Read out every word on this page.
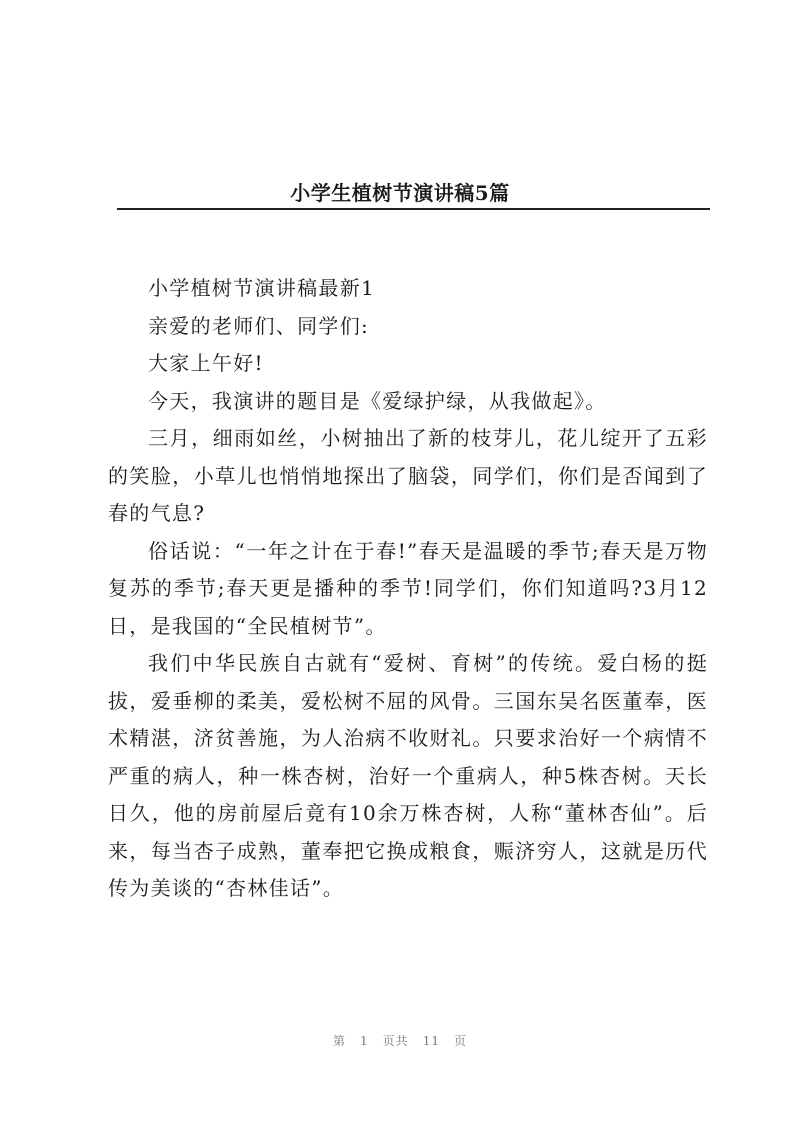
小学生植树节演讲稿5篇

小学植树节演讲稿最新1

亲爱的老师们、同学们:

大家上午好!

今天，我演讲的题目是《爱绿护绿，从我做起》。

三月，细雨如丝，小树抽出了新的枝芽儿，花儿绽开了五彩的笑脸，小草儿也悄悄地探出了脑袋，同学们，你们是否闻到了春的气息?

俗话说：“一年之计在于春!”春天是温暖的季节;春天是万物复苏的季节;春天更是播种的季节!同学们，你们知道吗?3月12日，是我国的“全民植树节”。

我们中华民族自古就有“爱树、育树”的传统。爱白杨的挺拔，爱垂柳的柔美，爱松树不屈的风骨。三国东吴名医董奉，医术精湛，济贫善施，为人治病不收财礼。只要求治好一个病情不严重的病人，种一株杏树，治好一个重病人，种5株杏树。天长日久，他的房前屋后竟有10余万株杏树，人称“董林杏仙”。后来，每当杏子成熟，董奉把它换成粮食，赈济穷人，这就是历代传为美谈的“杏林佳话”。

第 1 页共 11 页
